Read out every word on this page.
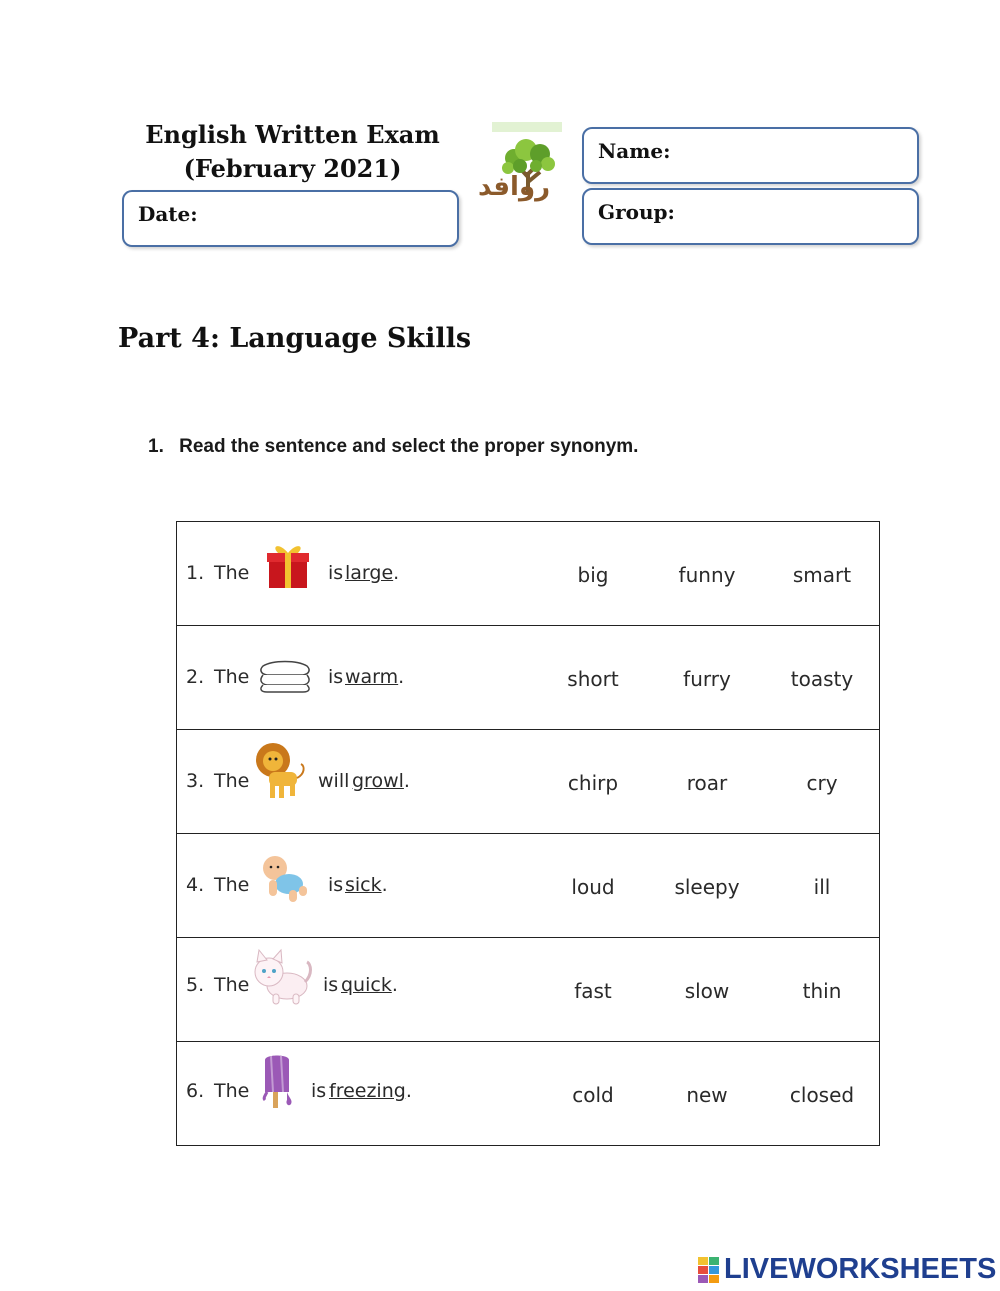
English Written Exam
(February 2021)
Date:
روافد
Name:
Group:
Part 4: Language Skills
1. Read the sentence and select the proper synonym.
1. The	is large.	big	funny	smart
2. The	is warm.	short	furry	toasty
3. The	will growl.	chirp	roar	cry
4. The	is sick.	loud	sleepy	ill
5. The	is quick.	fast	slow	thin
6. The	is freezing.	cold	new	closed
LIVEWORKSHEETS
